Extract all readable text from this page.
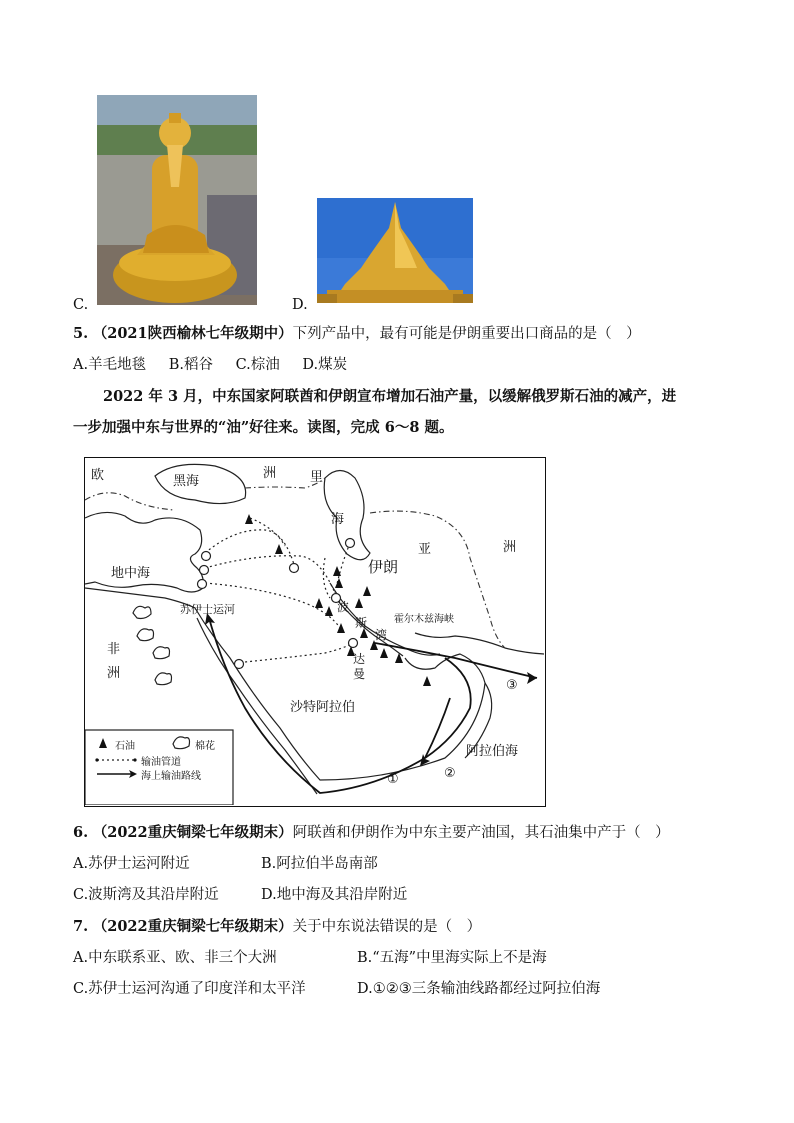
C.	D.
5. （2021陕西榆林七年级期中）下列产品中，最有可能是伊朗重要出口商品的是（　）
A.羊毛地毯 B.稻谷 C.棕油 D.煤炭
2022 年 3 月，中东国家阿联酋和伊朗宣布增加石油产量，以缓解俄罗斯石油的减产，进
一步加强中东与世界的“油”好往来。读图，完成 6～8 题。
欧	黑海
洲	里
海
地中海	伊朗
亚	洲
苏伊士运河
非
洲
波
斯
湾
霍尔木兹海峡
达
曼
沙特阿拉伯
阿拉伯海
①	②
③
石油	棉花
输油管道
海上输油路线
6. （2022重庆铜梁七年级期末）阿联酋和伊朗作为中东主要产油国，其石油集中产于（　）
A.苏伊士运河附近	B.阿拉伯半岛南部
C.波斯湾及其沿岸附近	D.地中海及其沿岸附近
7. （2022重庆铜梁七年级期末）关于中东说法错误的是（　）
A.中东联系亚、欧、非三个大洲	B.“五海”中里海实际上不是海
C.苏伊士运河沟通了印度洋和太平洋	D.①②③三条输油线路都经过阿拉伯海
